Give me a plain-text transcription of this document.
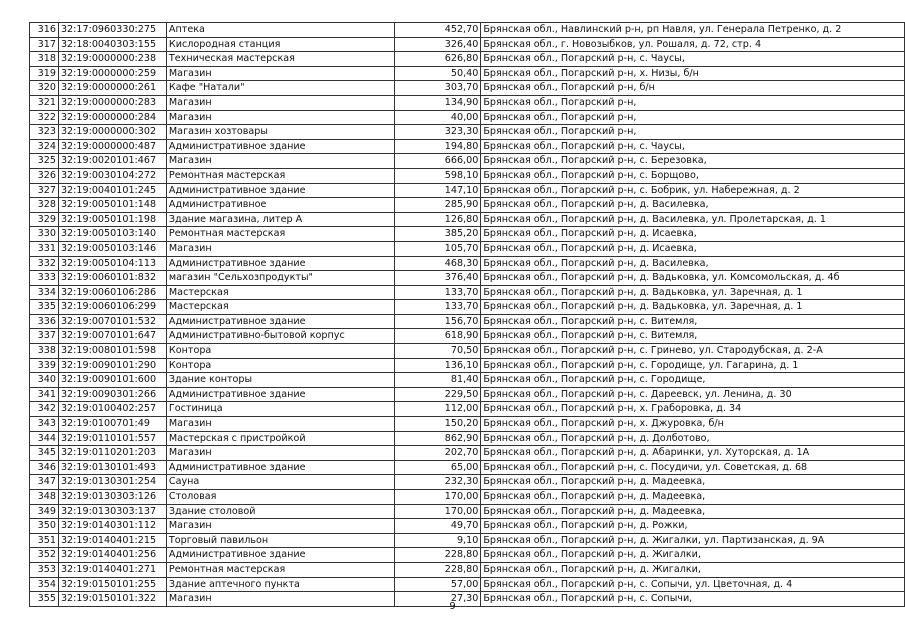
316	32:17:0960330:275	Аптека	452,70	Брянская обл., Навлинский р-н, рп Навля, ул. Генерала Петренко, д. 2
317	32:18:0040303:155	Кислородная станция	326,40	Брянская обл., г. Новозыбков, ул. Рошаля, д. 72, стр. 4
318	32:19:0000000:238	Техническая мастерская	626,80	Брянская обл., Погарский р-н, с. Чаусы,
319	32:19:0000000:259	Магазин	50,40	Брянская обл., Погарский р-н, х. Низы, б/н
320	32:19:0000000:261	Кафе "Натали"	303,70	Брянская обл., Погарский р-н, б/н
321	32:19:0000000:283	Магазин	134,90	Брянская обл., Погарский р-н,
322	32:19:0000000:284	Магазин	40,00	Брянская обл., Погарский р-н,
323	32:19:0000000:302	Магазин хозтовары	323,30	Брянская обл., Погарский р-н,
324	32:19:0000000:487	Административное здание	194,80	Брянская обл., Погарский р-н, с. Чаусы,
325	32:19:0020101:467	Магазин	666,00	Брянская обл., Погарский р-н, с. Березовка,
326	32:19:0030104:272	Ремонтная мастерская	598,10	Брянская обл., Погарский р-н, с. Борщово,
327	32:19:0040101:245	Административное здание	147,10	Брянская обл., Погарский р-н, с. Бобрик, ул. Набережная, д. 2
328	32:19:0050101:148	Административное	285,90	Брянская обл., Погарский р-н, д. Василевка,
329	32:19:0050101:198	Здание магазина, литер А	126,80	Брянская обл., Погарский р-н, д. Василевка, ул. Пролетарская, д. 1
330	32:19:0050103:140	Ремонтная мастерская	385,20	Брянская обл., Погарский р-н, д. Исаевка,
331	32:19:0050103:146	Магазин	105,70	Брянская обл., Погарский р-н, д. Исаевка,
332	32:19:0050104:113	Административное здание	468,30	Брянская обл., Погарский р-н, д. Василевка,
333	32:19:0060101:832	магазин "Сельхозпродукты"	376,40	Брянская обл., Погарский р-н, д. Вадьковка, ул. Комсомольская, д. 4б
334	32:19:0060106:286	Мастерская	133,70	Брянская обл., Погарский р-н, д. Вадьковка, ул. Заречная, д. 1
335	32:19:0060106:299	Мастерская	133,70	Брянская обл., Погарский р-н, д. Вадьковка, ул. Заречная, д. 1
336	32:19:0070101:532	Административное здание	156,70	Брянская обл., Погарский р-н, с. Витемля,
337	32:19:0070101:647	Административно-бытовой корпус	618,90	Брянская обл., Погарский р-н, с. Витемля,
338	32:19:0080101:598	Контора	70,50	Брянская обл., Погарский р-н, с. Гринево, ул. Стародубская, д. 2-А
339	32:19:0090101:290	Контора	136,10	Брянская обл., Погарский р-н, с. Городище, ул. Гагарина, д. 1
340	32:19:0090101:600	Здание конторы	81,40	Брянская обл., Погарский р-н, с. Городище,
341	32:19:0090301:266	Административное здание	229,50	Брянская обл., Погарский р-н, с. Дареевск, ул. Ленина, д. 30
342	32:19:0100402:257	Гостиница	112,00	Брянская обл., Погарский р-н, х. Граборовка, д. 34
343	32:19:0100701:49	Магазин	150,20	Брянская обл., Погарский р-н, х. Джуровка, б/н
344	32:19:0110101:557	Мастерская с пристройкой	862,90	Брянская обл., Погарский р-н, д. Долботово,
345	32:19:0110201:203	Магазин	202,70	Брянская обл., Погарский р-н, д. Абаринки, ул. Хуторская, д. 1А
346	32:19:0130101:493	Административное здание	65,00	Брянская обл., Погарский р-н, с. Посудичи, ул. Советская, д. 68
347	32:19:0130301:254	Сауна	232,30	Брянская обл., Погарский р-н, д. Мадеевка,
348	32:19:0130303:126	Столовая	170,00	Брянская обл., Погарский р-н, д. Мадеевка,
349	32:19:0130303:137	Здание столовой	170,00	Брянская обл., Погарский р-н, д. Мадеевка,
350	32:19:0140301:112	Магазин	49,70	Брянская обл., Погарский р-н, д. Рожки,
351	32:19:0140401:215	Торговый павильон	9,10	Брянская обл., Погарский р-н, д. Жигалки, ул. Партизанская, д. 9А
352	32:19:0140401:256	Административное здание	228,80	Брянская обл., Погарский р-н, д. Жигалки,
353	32:19:0140401:271	Ремонтная мастерская	228,80	Брянская обл., Погарский р-н, д. Жигалки,
354	32:19:0150101:255	Здание аптечного пункта	57,00	Брянская обл., Погарский р-н, с. Сопычи, ул. Цветочная, д. 4
355	32:19:0150101:322	Магазин	27,30	Брянская обл., Погарский р-н, с. Сопычи,
9
